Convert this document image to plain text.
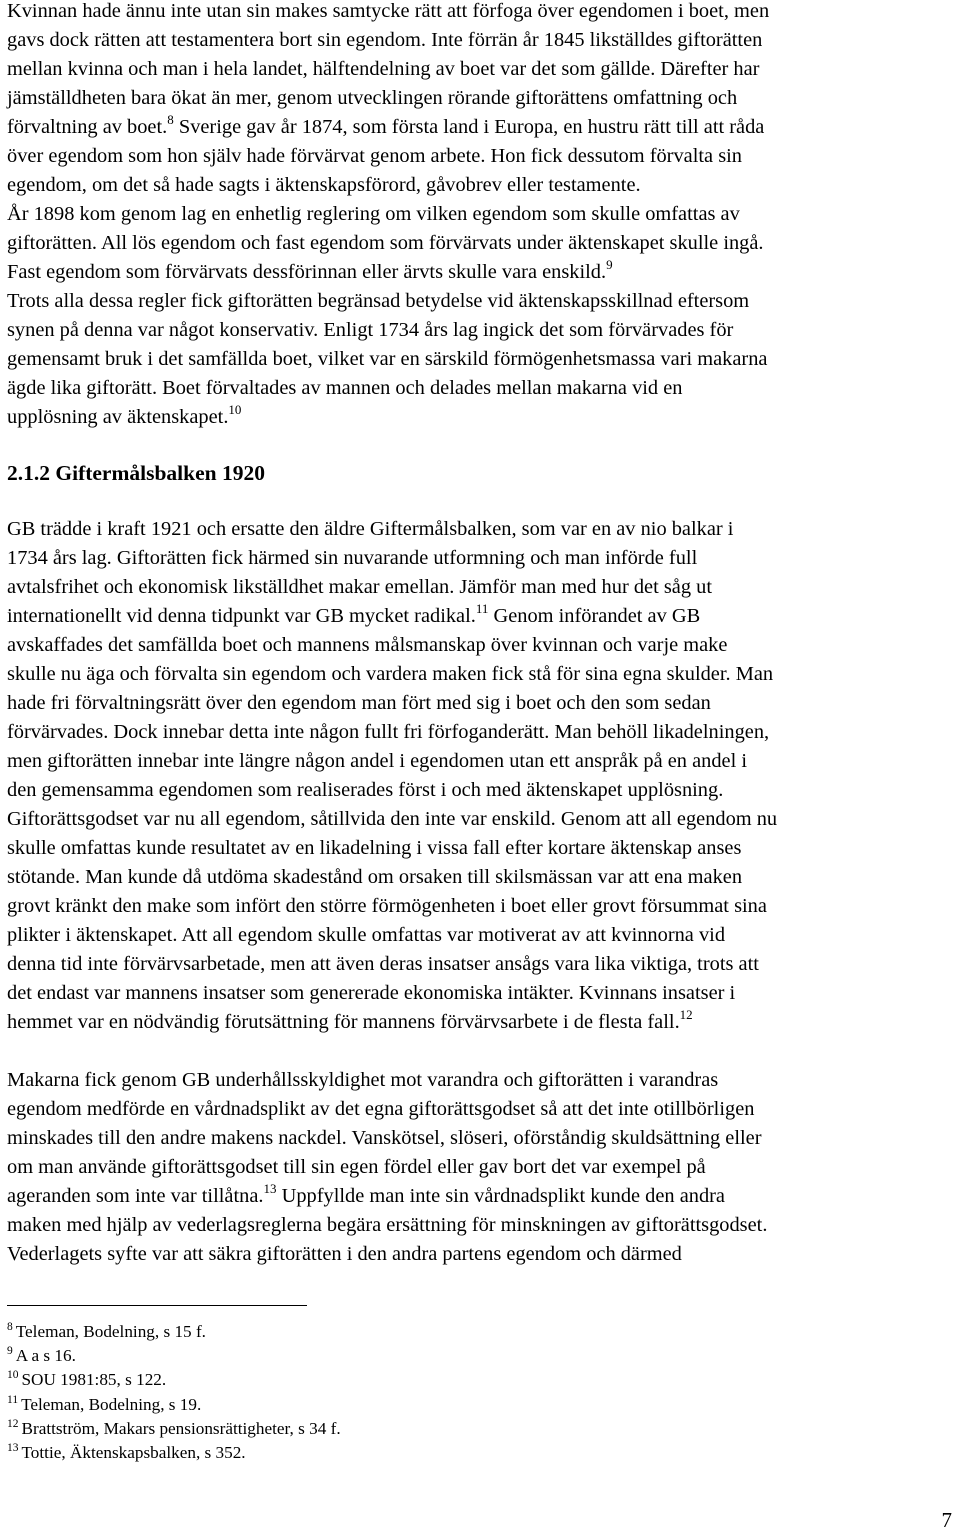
Kvinnan hade ännu inte utan sin makes samtycke rätt att förfoga över egendomen i boet, men
gavs dock rätten att testamentera bort sin egendom. Inte förrän år 1845 likställdes giftorätten
mellan kvinna och man i hela landet, hälftendelning av boet var det som gällde. Därefter har
jämställdheten bara ökat än mer, genom utvecklingen rörande giftorättens omfattning och
förvaltning av boet.$^8$ Sverige gav år 1874, som första land i Europa, en hustru rätt till att råda
över egendom som hon själv hade förvärvat genom arbete. Hon fick dessutom förvalta sin
egendom, om det så hade sagts i äktenskapsförord, gåvobrev eller testamente.
År 1898 kom genom lag en enhetlig reglering om vilken egendom som skulle omfattas av
giftorätten. All lös egendom och fast egendom som förvärvats under äktenskapet skulle ingå.
Fast egendom som förvärvats dessförinnan eller ärvts skulle vara enskild.$^9$
Trots alla dessa regler fick giftorätten begränsad betydelse vid äktenskapsskillnad eftersom
synen på denna var något konservativ. Enligt 1734 års lag ingick det som förvärvades för
gemensamt bruk i det samfällda boet, vilket var en särskild förmögenhetsmassa vari makarna
ägde lika giftorätt. Boet förvaltades av mannen och delades mellan makarna vid en
upplösning av äktenskapet.$^{10}$
2.1.2 Giftermålsbalken 1920
GB trädde i kraft 1921 och ersatte den äldre Giftermålsbalken, som var en av nio balkar i
1734 års lag. Giftorätten fick härmed sin nuvarande utformning och man införde full
avtalsfrihet och ekonomisk likställdhet makar emellan. Jämför man med hur det såg ut
internationellt vid denna tidpunkt var GB mycket radikal.$^{11}$ Genom införandet av GB
avskaffades det samfällda boet och mannens målsmanskap över kvinnan och varje make
skulle nu äga och förvalta sin egendom och vardera maken fick stå för sina egna skulder. Man
hade fri förvaltningsrätt över den egendom man fört med sig i boet och den som sedan
förvärvades. Dock innebar detta inte någon fullt fri förfoganderätt. Man behöll likadelningen,
men giftorätten innebar inte längre någon andel i egendomen utan ett anspråk på en andel i
den gemensamma egendomen som realiserades först i och med äktenskapet upplösning.
Giftorättsgodset var nu all egendom, såtillvida den inte var enskild. Genom att all egendom nu
skulle omfattas kunde resultatet av en likadelning i vissa fall efter kortare äktenskap anses
stötande. Man kunde då utdöma skadestånd om orsaken till skilsmässan var att ena maken
grovt kränkt den make som infört den större förmögenheten i boet eller grovt försummat sina
plikter i äktenskapet. Att all egendom skulle omfattas var motiverat av att kvinnorna vid
denna tid inte förvärvsarbetade, men att även deras insatser ansågs vara lika viktiga, trots att
det endast var mannens insatser som genererade ekonomiska intäkter. Kvinnans insatser i
hemmet var en nödvändig förutsättning för mannens förvärvsarbete i de flesta fall.$^{12}$
Makarna fick genom GB underhållsskyldighet mot varandra och giftorätten i varandras
egendom medförde en vårdnadsplikt av det egna giftorättsgodset så att det inte otillbörligen
minskades till den andre makens nackdel. Vanskötsel, slöseri, oförståndig skuldsättning eller
om man använde giftorättsgodset till sin egen fördel eller gav bort det var exempel på
ageranden som inte var tillåtna.$^{13}$ Uppfyllde man inte sin vårdnadsplikt kunde den andra
maken med hjälp av vederlagsreglerna begära ersättning för minskningen av giftorättsgodset.
Vederlagets syfte var att säkra giftorätten i den andra partens egendom och därmed
$^8$ Teleman, Bodelning, s 15 f.
$^9$ A a s 16.
$^{10}$ SOU 1981:85, s 122.
$^{11}$ Teleman, Bodelning, s 19.
$^{12}$ Brattström, Makars pensionsrättigheter, s 34 f.
$^{13}$ Tottie, Äktenskapsbalken, s 352.
7
